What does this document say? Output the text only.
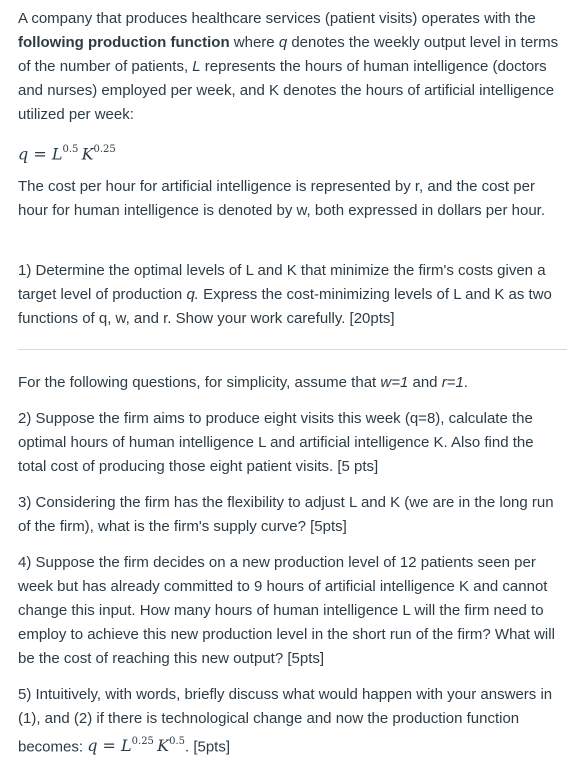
A company that produces healthcare services (patient visits) operates with the following production function where q denotes the weekly output level in terms of the number of patients, L represents the hours of human intelligence (doctors and nurses) employed per week, and K denotes the hours of artificial intelligence utilized per week:

$q = L^{0.5}$  $K^{0.25}$

The cost per hour for artificial intelligence is represented by r, and the cost per hour for human intelligence is denoted by w, both expressed in dollars per hour.

1) Determine the optimal levels of L and K that minimize the firm's costs given a target level of production q. Express the cost-minimizing levels of L and K as two functions of q, w, and r. Show your work carefully. [20pts]

For the following questions, for simplicity, assume that w=1 and r=1.

2) Suppose the firm aims to produce eight visits this week (q=8), calculate the optimal hours of human intelligence L and artificial intelligence K. Also find the total cost of producing those eight patient visits. [5 pts]

3) Considering the firm has the flexibility to adjust L and K (we are in the long run of the firm), what is the firm's supply curve? [5pts]

4) Suppose the firm decides on a new production level of 12 patients seen per week but has already committed to 9 hours of artificial intelligence K and cannot change this input. How many hours of human intelligence L will the firm need to employ to achieve this new production level in the short run of the firm? What will be the cost of reaching this new output? [5pts]

5) Intuitively, with words, briefly discuss what would happen with your answers in (1), and (2) if there is technological change and now the production function becomes: $q = L^{0.25}$  $K^{0.5}$. [5pts]
